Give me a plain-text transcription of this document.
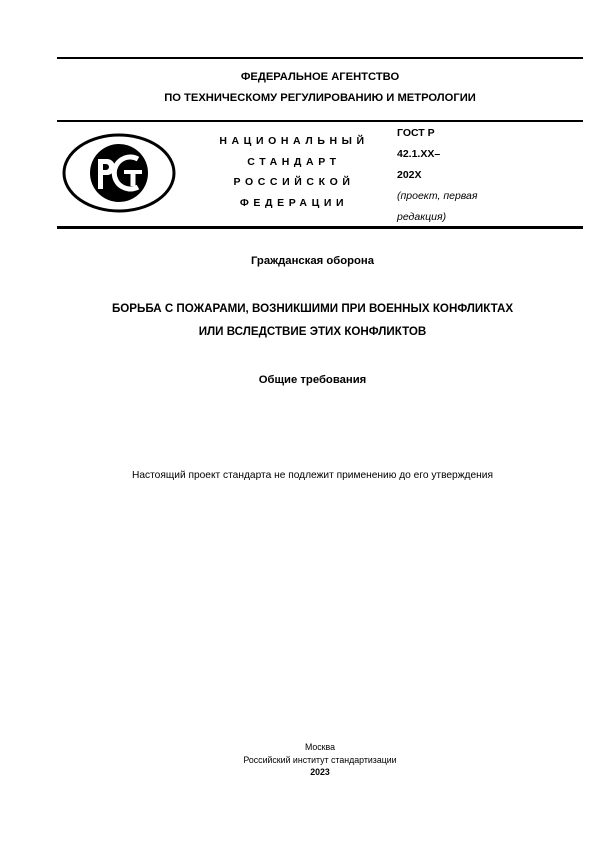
ФЕДЕРАЛЬНОЕ АГЕНТСТВО
ПО ТЕХНИЧЕСКОМУ РЕГУЛИРОВАНИЮ И МЕТРОЛОГИИ
НАЦИОНАЛЬНЫЙ
СТАНДАРТ
РОССИЙСКОЙ
ФЕДЕРАЦИИ
ГОСТ Р
42.1.XX–
202X
(проект, первая
редакция)
Гражданская оборона
БОРЬБА С ПОЖАРАМИ, ВОЗНИКШИМИ ПРИ ВОЕННЫХ КОНФЛИКТАХ
ИЛИ ВСЛЕДСТВИЕ ЭТИХ КОНФЛИКТОВ
Общие требования
Настоящий проект стандарта не подлежит применению до его утверждения
Москва
Российский институт стандартизации
2023
